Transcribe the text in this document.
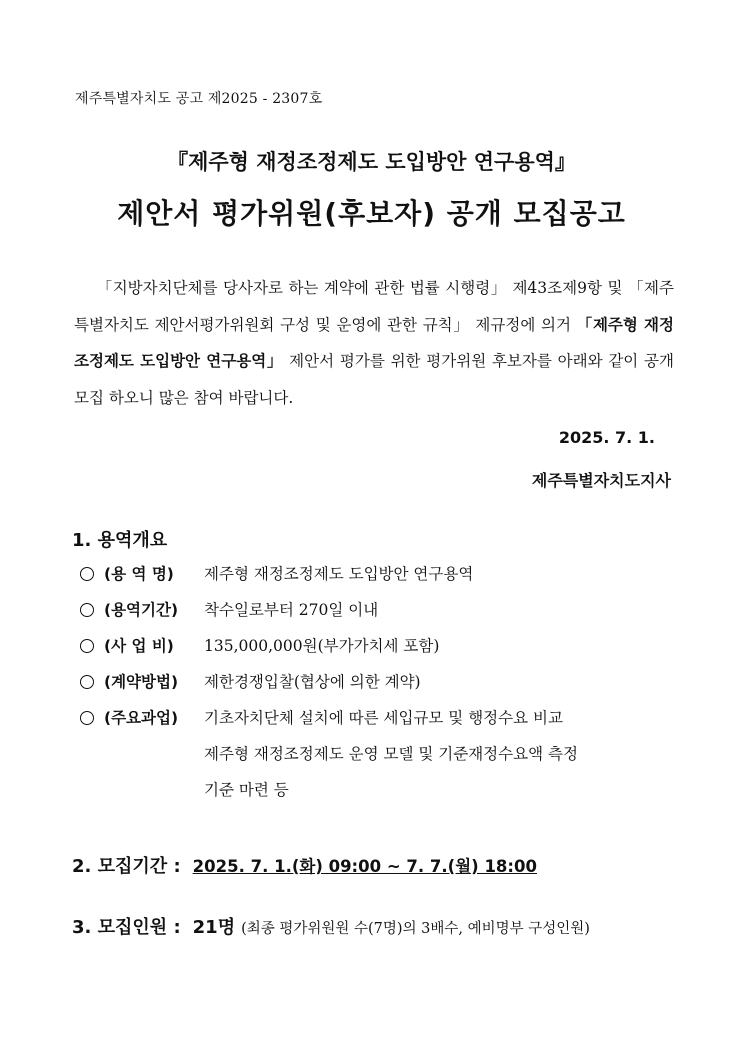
제주특별자치도 공고 제2025 - 2307호
『제주형 재정조정제도 도입방안 연구용역』
제안서 평가위원(후보자) 공개 모집공고
「지방자치단체를 당사자로 하는 계약에 관한 법률 시행령」 제43조제9항 및 「제주특별자치도 제안서평가위원회 구성 및 운영에 관한 규칙」 제규정에 의거 「제주형 재정조정제도 도입방안 연구용역」 제안서 평가를 위한 평가위원 후보자를 아래와 같이 공개모집 하오니 많은 참여 바랍니다.
2025. 7. 1.
제주특별자치도지사
1. 용역개요
(용 역 명) 제주형 재정조정제도 도입방안 연구용역
(용역기간) 착수일로부터 270일 이내
(사 업 비) 135,000,000원(부가가치세 포함)
(계약방법) 제한경쟁입찰(협상에 의한 계약)
(주요과업) 기초자치단체 설치에 따른 세입규모 및 행정수요 비교
제주형 재정조정제도 운영 모델 및 기준재정수요액 측정
기준 마련 등
2. 모집기간 : 2025. 7. 1.(화) 09:00 ~ 7. 7.(월) 18:00
3. 모집인원 : 21명 (최종 평가위원원 수(7명)의 3배수, 예비명부 구성인원)
